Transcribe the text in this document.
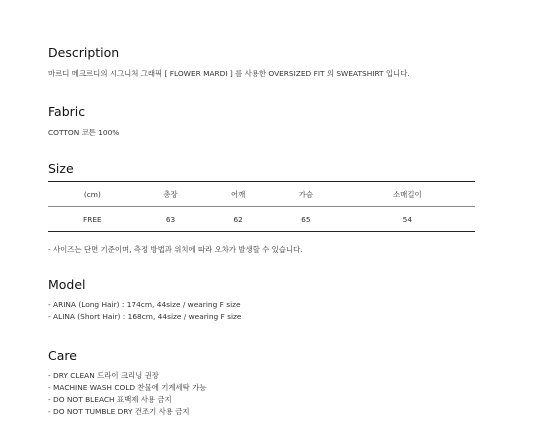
Description
마르디 메크르디의 시그니처 그래픽 [ FLOWER MARDI ] 를 사용한 OVERSIZED FIT 의 SWEATSHIRT 입니다.
Fabric
COTTON 코튼 100%
Size
(cm)	총장	어깨	가슴	소매길이
FREE	63	62	65	54
- 사이즈는 단면 기준이며, 측정 방법과 위치에 따라 오차가 발생할 수 있습니다.
Model
- ARINA (Long Hair) : 174cm, 44size / wearing F size
- ALINA (Short Hair) : 168cm, 44size / wearing F size
Care
- DRY CLEAN 드라이 크리닝 권장
- MACHINE WASH COLD 찬물에 기계세탁 가능
- DO NOT BLEACH 표백제 사용 금지
- DO NOT TUMBLE DRY 건조기 사용 금지
